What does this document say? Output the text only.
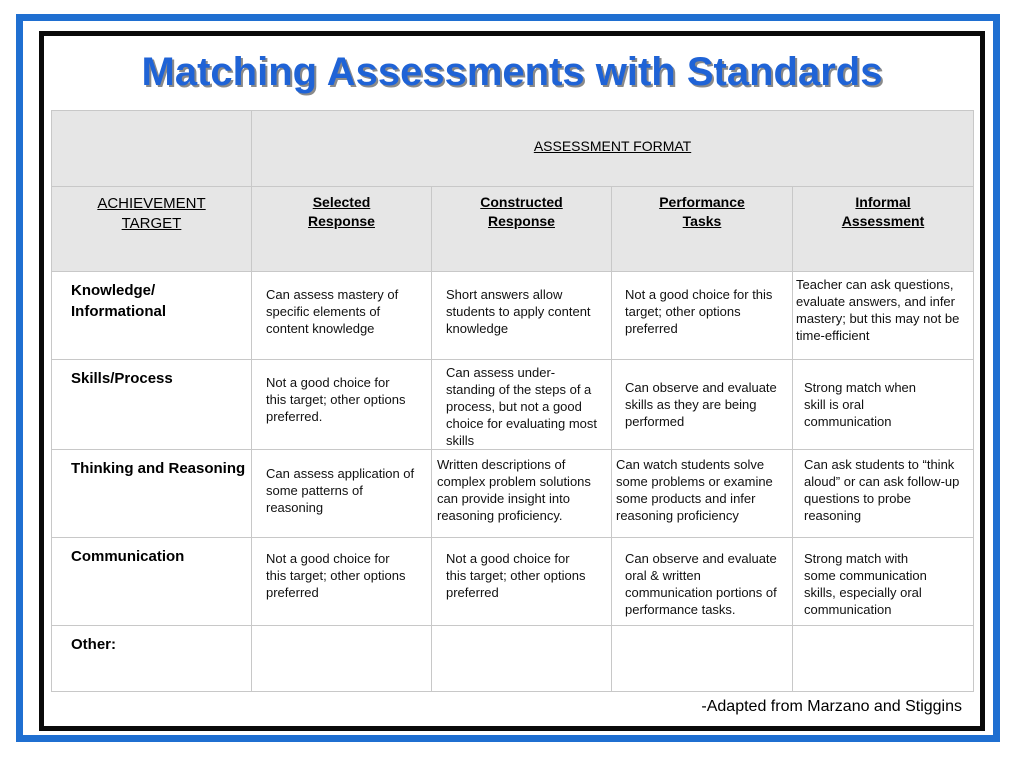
Matching Assessments with Standards

	ASSESSMENT FORMAT			

ACHIEVEMENT TARGET	Selected Response	Constructed Response	Performance Tasks	Informal Assessment

Knowledge/ Informational	Can assess mastery of specific elements of content knowledge	Short answers allow students to apply content knowledge	Not a good choice for this target; other options preferred	Teacher can ask questions, evaluate answers, and infer mastery; but this may not be time-efficient

Skills/Process	Not a good choice for this target; other options preferred.	Can assess under-standing of the steps of a process, but not a good choice for evaluating most skills	Can observe and evaluate skills as they are being performed	Strong match when skill is oral communication

Thinking and Reasoning	Can assess application of some patterns of reasoning	Written descriptions of complex problem solutions can provide insight into reasoning proficiency.	Can watch students solve some problems or examine some products and infer reasoning proficiency	Can ask students to “think aloud” or can ask follow-up questions to probe reasoning

Communication	Not a good choice for this target; other options preferred	Not a good choice for this target; other options preferred	Can observe and evaluate oral & written communication portions of performance tasks.	Strong match with some communication skills, especially oral communication

Other:				

-Adapted from Marzano and Stiggins
